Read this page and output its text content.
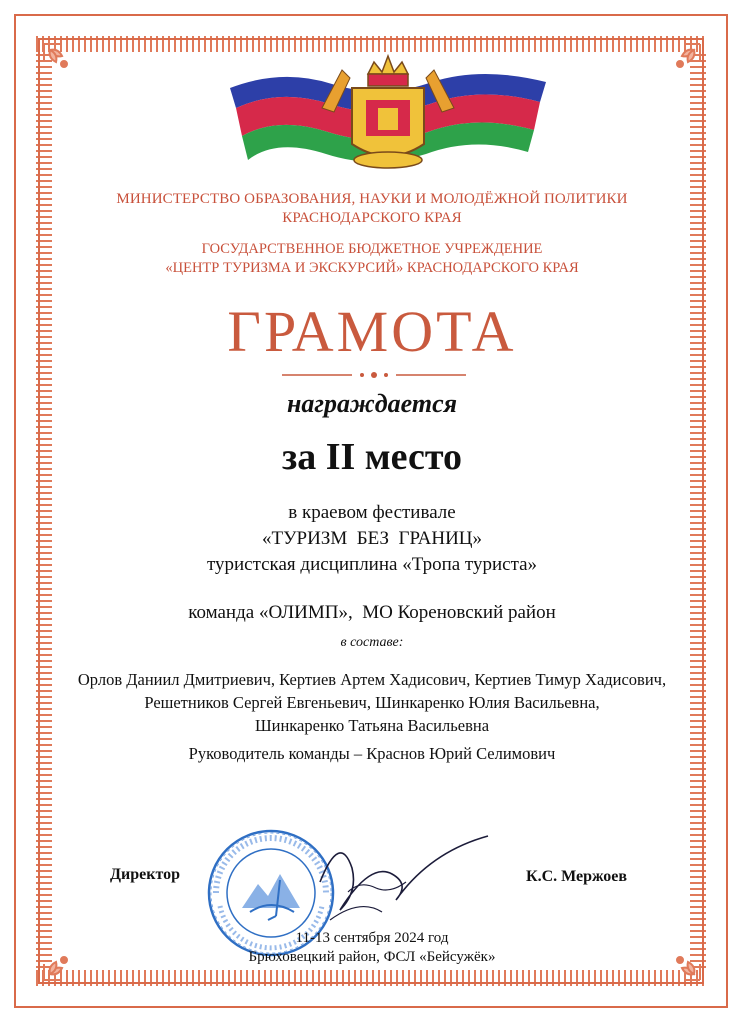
МИНИСТЕРСТВО ОБРАЗОВАНИЯ, НАУКИ И МОЛОДЁЖНОЙ ПОЛИТИКИ
КРАСНОДАРСКОГО КРАЯ
ГОСУДАРСТВЕННОЕ БЮДЖЕТНОЕ УЧРЕЖДЕНИЕ
«ЦЕНТР ТУРИЗМА И ЭКСКУРСИЙ» КРАСНОДАРСКОГО КРАЯ
ГРАМОТА
награждается
за II место
в краевом фестивале
«ТУРИЗМ  БЕЗ  ГРАНИЦ»
туристская дисциплина «Тропа туриста»
команда «ОЛИМП»,  МО Кореновский район
в составе:
Орлов Даниил Дмитриевич, Кертиев Артем Хадисович, Кертиев Тимур Хадисович,
Решетников Сергей Евгеньевич, Шинкаренко Юлия Васильевна,
Шинкаренко Татьяна Васильевна
Руководитель команды – Краснов Юрий Селимович
Директор	К.С. Мержоев
11-13 сентября 2024 год
Брюховецкий район, ФСЛ «Бейсужёк»
